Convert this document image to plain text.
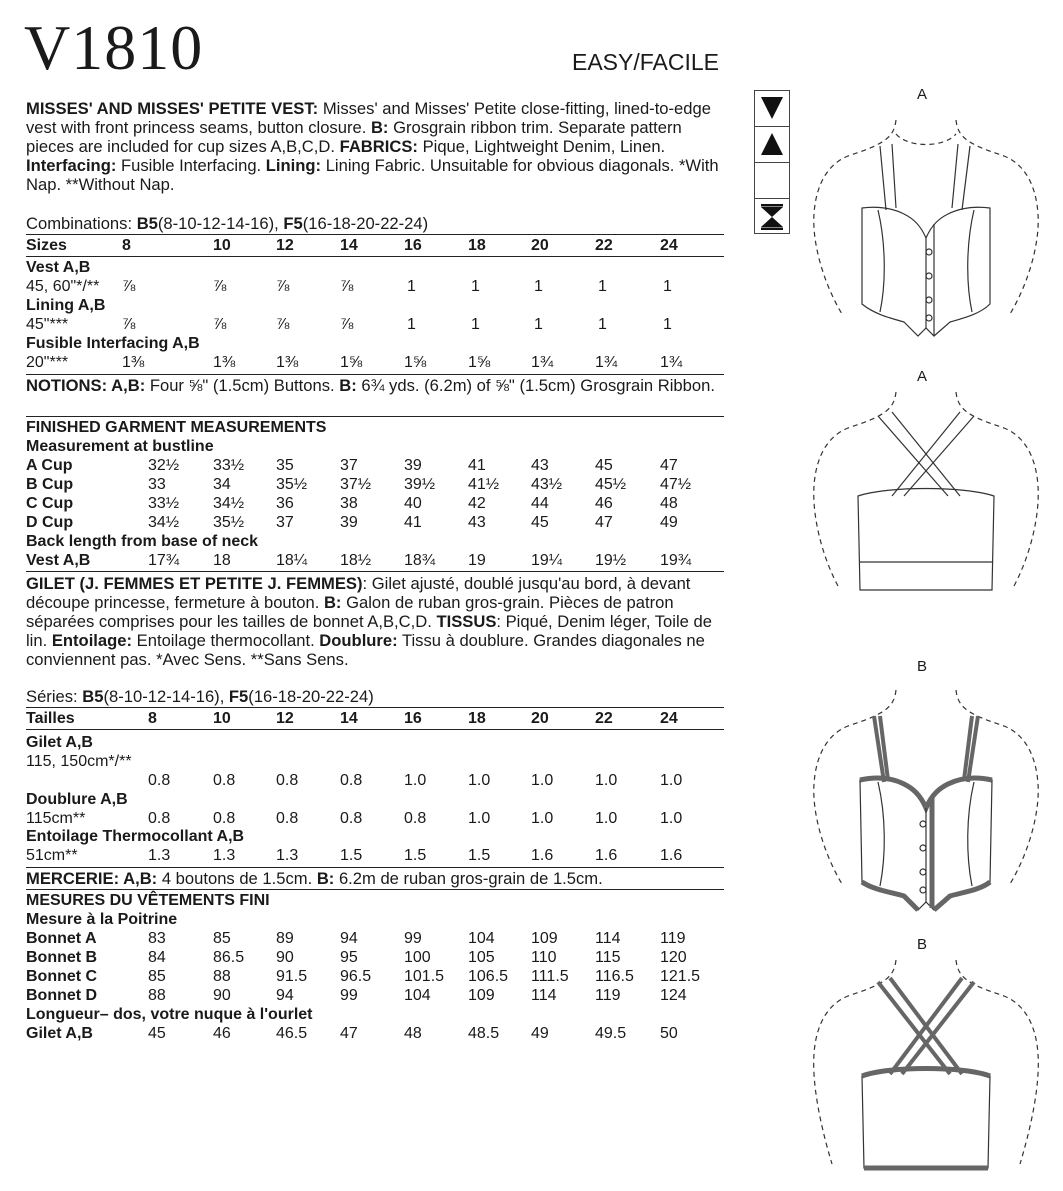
V1810	EASY/FACILE
MISSES' AND MISSES' PETITE VEST: Misses' and Misses' Petite close-fitting, lined-to-edge vest with front princess seams, button closure. B: Grosgrain ribbon trim. Separate pattern pieces are included for cup sizes A,B,C,D. FABRICS: Pique, Lightweight Denim, Linen. Interfacing: Fusible Interfacing. Lining: Lining Fabric. Unsuitable for obvious diagonals. *With Nap. **Without Nap.
Combinations: B5(8-10-12-14-16), F5(16-18-20-22-24)
Sizes	8	10	12	14	16	18	20	22	24
Vest A,B
45, 60"*/** ⅞	⅞	⅞	⅞	1	1	1	1	1
Lining A,B
45"***	⅞	⅞	⅞	⅞	1	1	1	1	1
Fusible Interfacing A,B
20"***	1⅜	1⅜	1⅜	1⅝	1⅝	1⅝	1¾	1¾	1¾
NOTIONS: A,B: Four ⅝" (1.5cm) Buttons. B: 6¾ yds. (6.2m) of ⅝" (1.5cm) Grosgrain Ribbon.
FINISHED GARMENT MEASUREMENTS
Measurement at bustline
A Cup	32½ 33½ 35	37	39	41	43	45	47
B Cup	33	34	35½ 37½ 39½ 41½ 43½ 45½ 47½
C Cup	33½ 34½ 36	38	40	42	44	46	48
D Cup	34½ 35½ 37	39	41	43	45	47	49
Back length from base of neck
Vest A,B	17¾ 18	18¼ 18½ 18¾ 19	19¼ 19½ 19¾
GILET (J. FEMMES ET PETITE J. FEMMES): Gilet ajusté, doublé jusqu'au bord, à devant découpe princesse, fermeture à bouton. B: Galon de ruban gros-grain. Pièces de patron séparées comprises pour les tailles de bonnet A,B,C,D. TISSUS: Piqué, Denim léger, Toile de lin. Entoilage: Entoilage thermocollant. Doublure: Tissu à doublure. Grandes diagonales ne conviennent pas. *Avec Sens. **Sans Sens.
Séries: B5(8-10-12-14-16), F5(16-18-20-22-24)
Tailles	8	10	12	14	16	18	20	22	24
Gilet A,B
115, 150cm*/**
0.8	0.8	0.8	0.8	1.0	1.0	1.0	1.0	1.0
Doublure A,B
115cm**	0.8	0.8	0.8	0.8	0.8	1.0	1.0	1.0	1.0
Entoilage Thermocollant A,B
51cm**	1.3	1.3	1.3	1.5	1.5	1.5	1.6	1.6	1.6
MERCERIE: A,B: 4 boutons de 1.5cm. B: 6.2m de ruban gros-grain de 1.5cm.
MESURES DU VÊTEMENTS FINI
Mesure à la Poitrine
Bonnet A	83	85	89	94	99	104 109 114 119
Bonnet B	84	86.5 90	95	100 105 110 115 120
Bonnet C	85	88	91.5 96.5 101.5 106.5 111.5 116.5 121.5
Bonnet D	88	90	94	99	104 109 114 119 124
Longueur– dos, votre nuque à l'ourlet
Gilet A,B	45	46	46.5 47	48	48.5 49	49.5 50
A
A
B
B
